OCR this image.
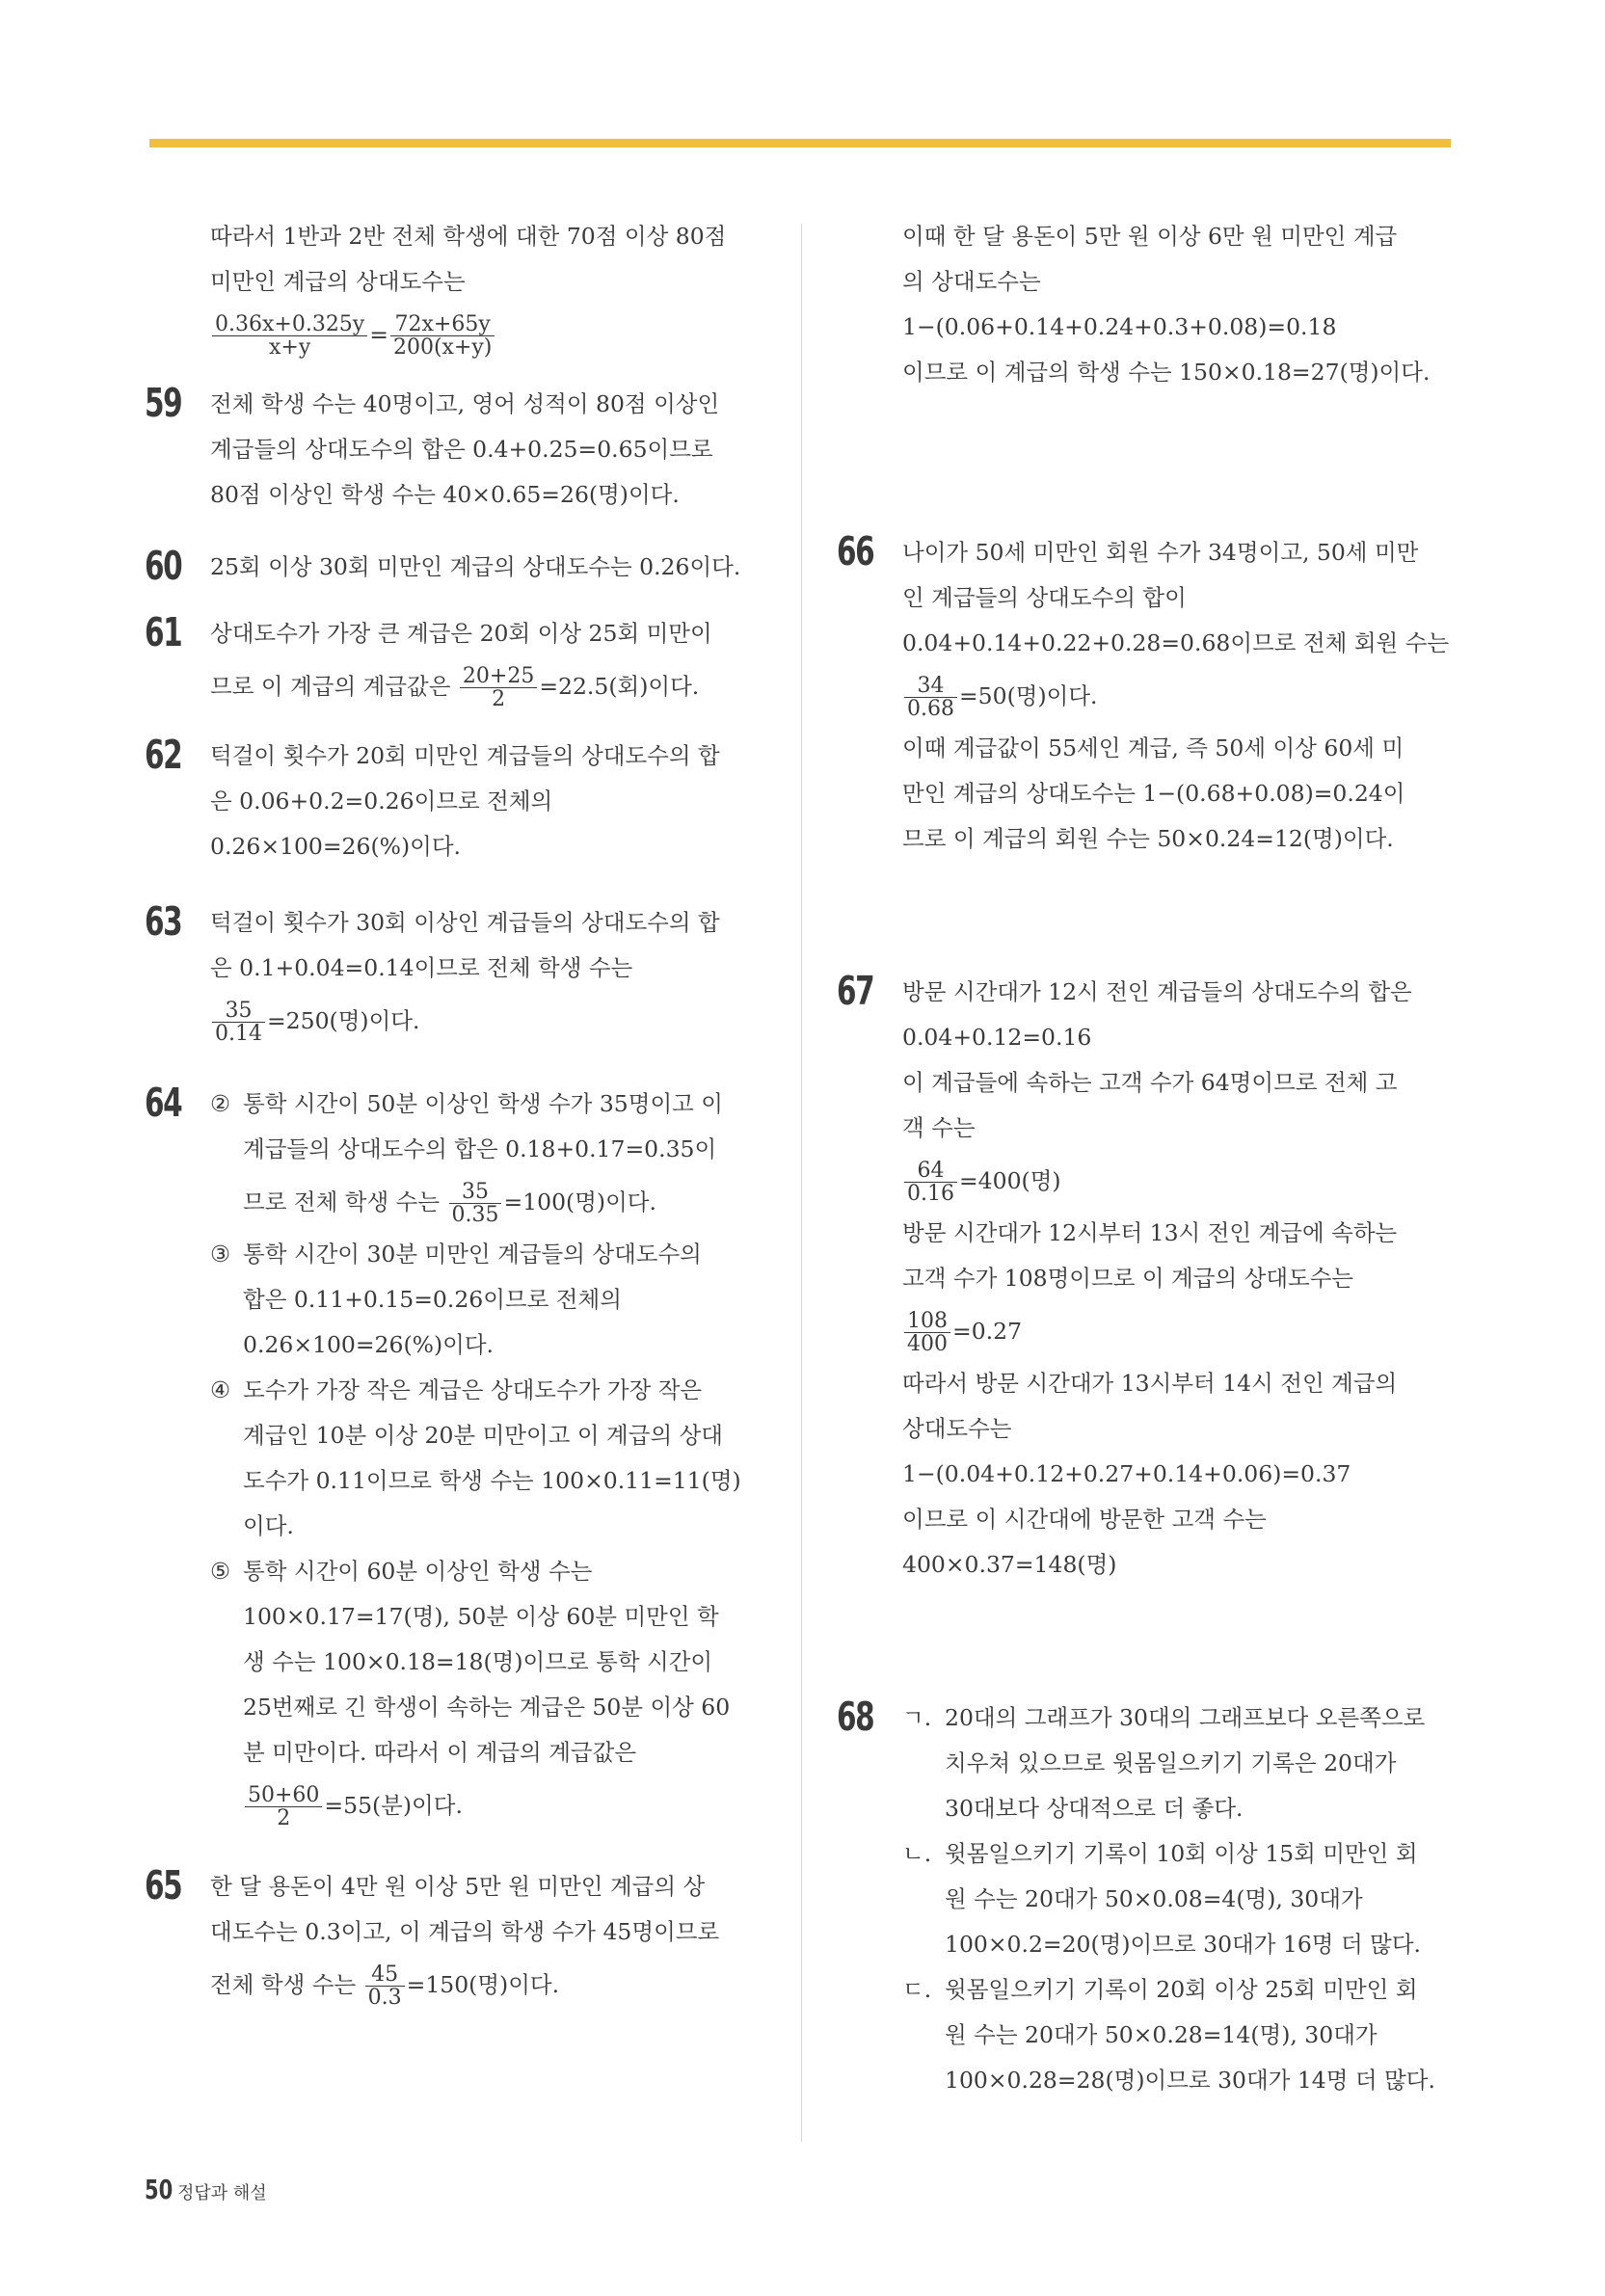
따라서 1반과 2반 전체 학생에 대한 70점 이상 80점
미만인 계급의 상대도수는
$\frac{0.36x+0.325y}{x+y} = \frac{72x+65y}{200(x+y)}$
59 전체 학생 수는 40명이고, 영어 성적이 80점 이상인
계급들의 상대도수의 합은 0.4+0.25=0.65이므로
80점 이상인 학생 수는 40×0.65=26(명)이다.
60 25회 이상 30회 미만인 계급의 상대도수는 0.26이다.
61 상대도수가 가장 큰 계급은 20회 이상 25회 미만이
므로 이 계급의 계급값은 $\frac{20+25}{2} =22.5$(회)이다.
62 턱걸이 횟수가 20회 미만인 계급들의 상대도수의 합
은 0.06+0.2=0.26이므로 전체의
0.26×100=26(%)이다.
63 턱걸이 횟수가 30회 이상인 계급들의 상대도수의 합
은 0.1+0.04=0.14이므로 전체 학생 수는
$\frac{35}{0.14} =250$(명)이다.
64 ② 통학 시간이 50분 이상인 학생 수가 35명이고 이
계급들의 상대도수의 합은 0.18+0.17=0.35이
므로 전체 학생 수는 $\frac{35}{0.35} =100$(명)이다.
③ 통학 시간이 30분 미만인 계급들의 상대도수의
합은 0.11+0.15=0.26이므로 전체의
0.26×100=26(%)이다.
④ 도수가 가장 작은 계급은 상대도수가 가장 작은
계급인 10분 이상 20분 미만이고 이 계급의 상대
도수가 0.11이므로 학생 수는 100×0.11=11(명)
이다.
⑤ 통학 시간이 60분 이상인 학생 수는
100×0.17=17(명), 50분 이상 60분 미만인 학
생 수는 100×0.18=18(명)이므로 통학 시간이
25번째로 긴 학생이 속하는 계급은 50분 이상 60
분 미만이다. 따라서 이 계급의 계급값은
$\frac{50+60}{2} =55$(분)이다.
65 한 달 용돈이 4만 원 이상 5만 원 미만인 계급의 상
대도수는 0.3이고, 이 계급의 학생 수가 45명이므로
전체 학생 수는 $\frac{45}{0.3} =150$(명)이다.
이때 한 달 용돈이 5만 원 이상 6만 원 미만인 계급
의 상대도수는
1−(0.06+0.14+0.24+0.3+0.08)=0.18
이므로 이 계급의 학생 수는 150×0.18=27(명)이다.
66 나이가 50세 미만인 회원 수가 34명이고, 50세 미만
인 계급들의 상대도수의 합이
0.04+0.14+0.22+0.28=0.68이므로 전체 회원 수는
$\frac{34}{0.68} =50$(명)이다.
이때 계급값이 55세인 계급, 즉 50세 이상 60세 미
만인 계급의 상대도수는 1−(0.68+0.08)=0.24이
므로 이 계급의 회원 수는 50×0.24=12(명)이다.
67 방문 시간대가 12시 전인 계급들의 상대도수의 합은
0.04+0.12=0.16
이 계급들에 속하는 고객 수가 64명이므로 전체 고
객 수는
$\frac{64}{0.16} =400$(명)
방문 시간대가 12시부터 13시 전인 계급에 속하는
고객 수가 108명이므로 이 계급의 상대도수는
$\frac{108}{400} =0.27$
따라서 방문 시간대가 13시부터 14시 전인 계급의
상대도수는
1−(0.04+0.12+0.27+0.14+0.06)=0.37
이므로 이 시간대에 방문한 고객 수는
400×0.37=148(명)
68 ㄱ. 20대의 그래프가 30대의 그래프보다 오른쪽으로
치우쳐 있으므로 윗몸일으키기 기록은 20대가
30대보다 상대적으로 더 좋다.
ㄴ. 윗몸일으키기 기록이 10회 이상 15회 미만인 회
원 수는 20대가 50×0.08=4(명), 30대가
100×0.2=20(명)이므로 30대가 16명 더 많다.
ㄷ. 윗몸일으키기 기록이 20회 이상 25회 미만인 회
원 수는 20대가 50×0.28=14(명), 30대가
100×0.28=28(명)이므로 30대가 14명 더 많다.
50 정답과 해설
